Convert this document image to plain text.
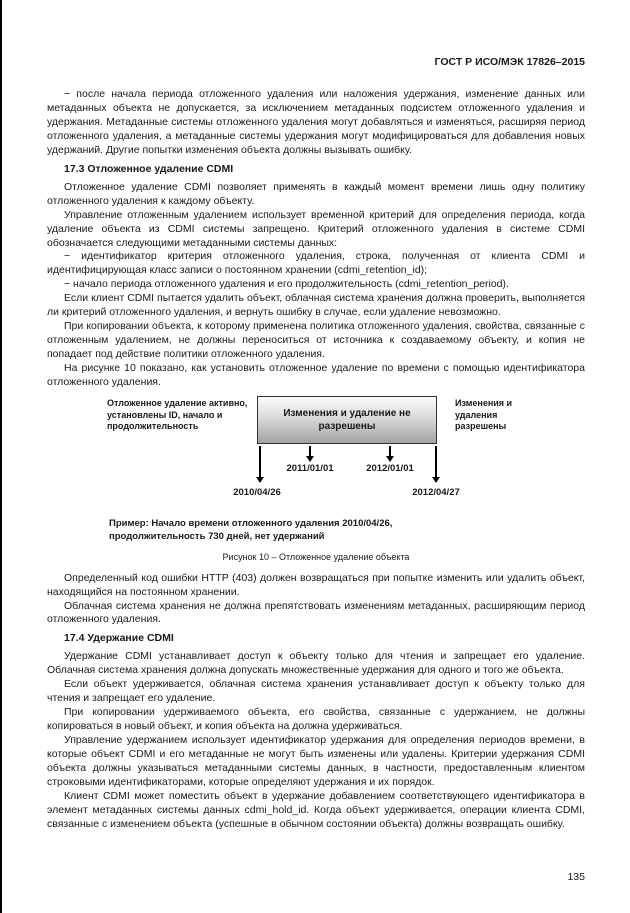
ГОСТ Р ИСО/МЭК 17826–2015

− после начала периода отложенного удаления или наложения удержания, изменение данных или метаданных объекта не допускается, за исключением метаданных подсистем отложенного удаления и удержания. Метаданные системы отложенного удаления могут добавляться и изменяться, расширяя период отложенного удаления, а метаданные системы удержания могут модифицироваться для добавления новых удержаний. Другие попытки изменения объекта должны вызывать ошибку.

17.3 Отложенное удаление CDMI

Отложенное удаление CDMI позволяет применять в каждый момент времени лишь одну политику отложенного удаления к каждому объекту.

Управление отложенным удалением использует временной критерий для определения периода, когда удаление объекта из CDMI системы запрещено. Критерий отложенного удаления в системе CDMI обозначается следующими метаданными системы данных:

− идентификатор критерия отложенного удаления, строка, полученная от клиента CDMI и идентифицирующая класс записи о постоянном хранении (cdmi_retention_id);

− начало периода отложенного удаления и его продолжительность (cdmi_retention_period).

Если клиент CDMI пытается удалить объект, облачная система хранения должна проверить, выполняется ли критерий отложенного удаления, и вернуть ошибку в случае, если удаление невозможно.

При копировании объекта, к которому применена политика отложенного удаления, свойства, связанные с отложенным удалением, не должны переноситься от источника к создаваемому объекту, и копия не попадает под действие политики отложенного удаления.

На рисунке 10 показано, как установить отложенное удаление по времени с помощью идентификатора отложенного удаления.

Отложенное удаление активно, установлены ID, начало и продолжительность
Изменения и удаление не разрешены
Изменения и удаления разрешены
2011/01/01	2012/01/01
2010/04/26	2012/04/27
Пример: Начало времени отложенного удаления 2010/04/26, продолжительность 730 дней, нет удержаний
Рисунок 10 – Отложенное удаление объекта

Определенный код ошибки HTTP (403) должен возвращаться при попытке изменить или удалить объект, находящийся на постоянном хранении.

Облачная система хранения не должна препятствовать изменениям метаданных, расширяющим период отложенного удаления.

17.4 Удержание CDMI

Удержание CDMI устанавливает доступ к объекту только для чтения и запрещает его удаление. Облачная система хранения должна допускать множественные удержания для одного и того же объекта.

Если объект удерживается, облачная система хранения устанавливает доступ к объекту только для чтения и запрещает его удаление.

При копировании удерживаемого объекта, его свойства, связанные с удержанием, не должны копироваться в новый объект, и копия объекта на должна удерживаться.

Управление удержанием использует идентификатор удержания для определения периодов времени, в которые объект CDMI и его метаданные не могут быть изменены или удалены. Критерии удержания CDMI объекта должны указываться метаданными системы данных, в частности, предоставленным клиентом строковыми идентификаторами, которые определяют удержания и их порядок.

Клиент CDMI может поместить объект в удержание добавлением соответствующего идентификатора в элемент метаданных системы данных cdmi_hold_id. Когда объект удерживается, операции клиента CDMI, связанные с изменением объекта (успешные в обычном состоянии объекта) должны возвращать ошибку.

135
